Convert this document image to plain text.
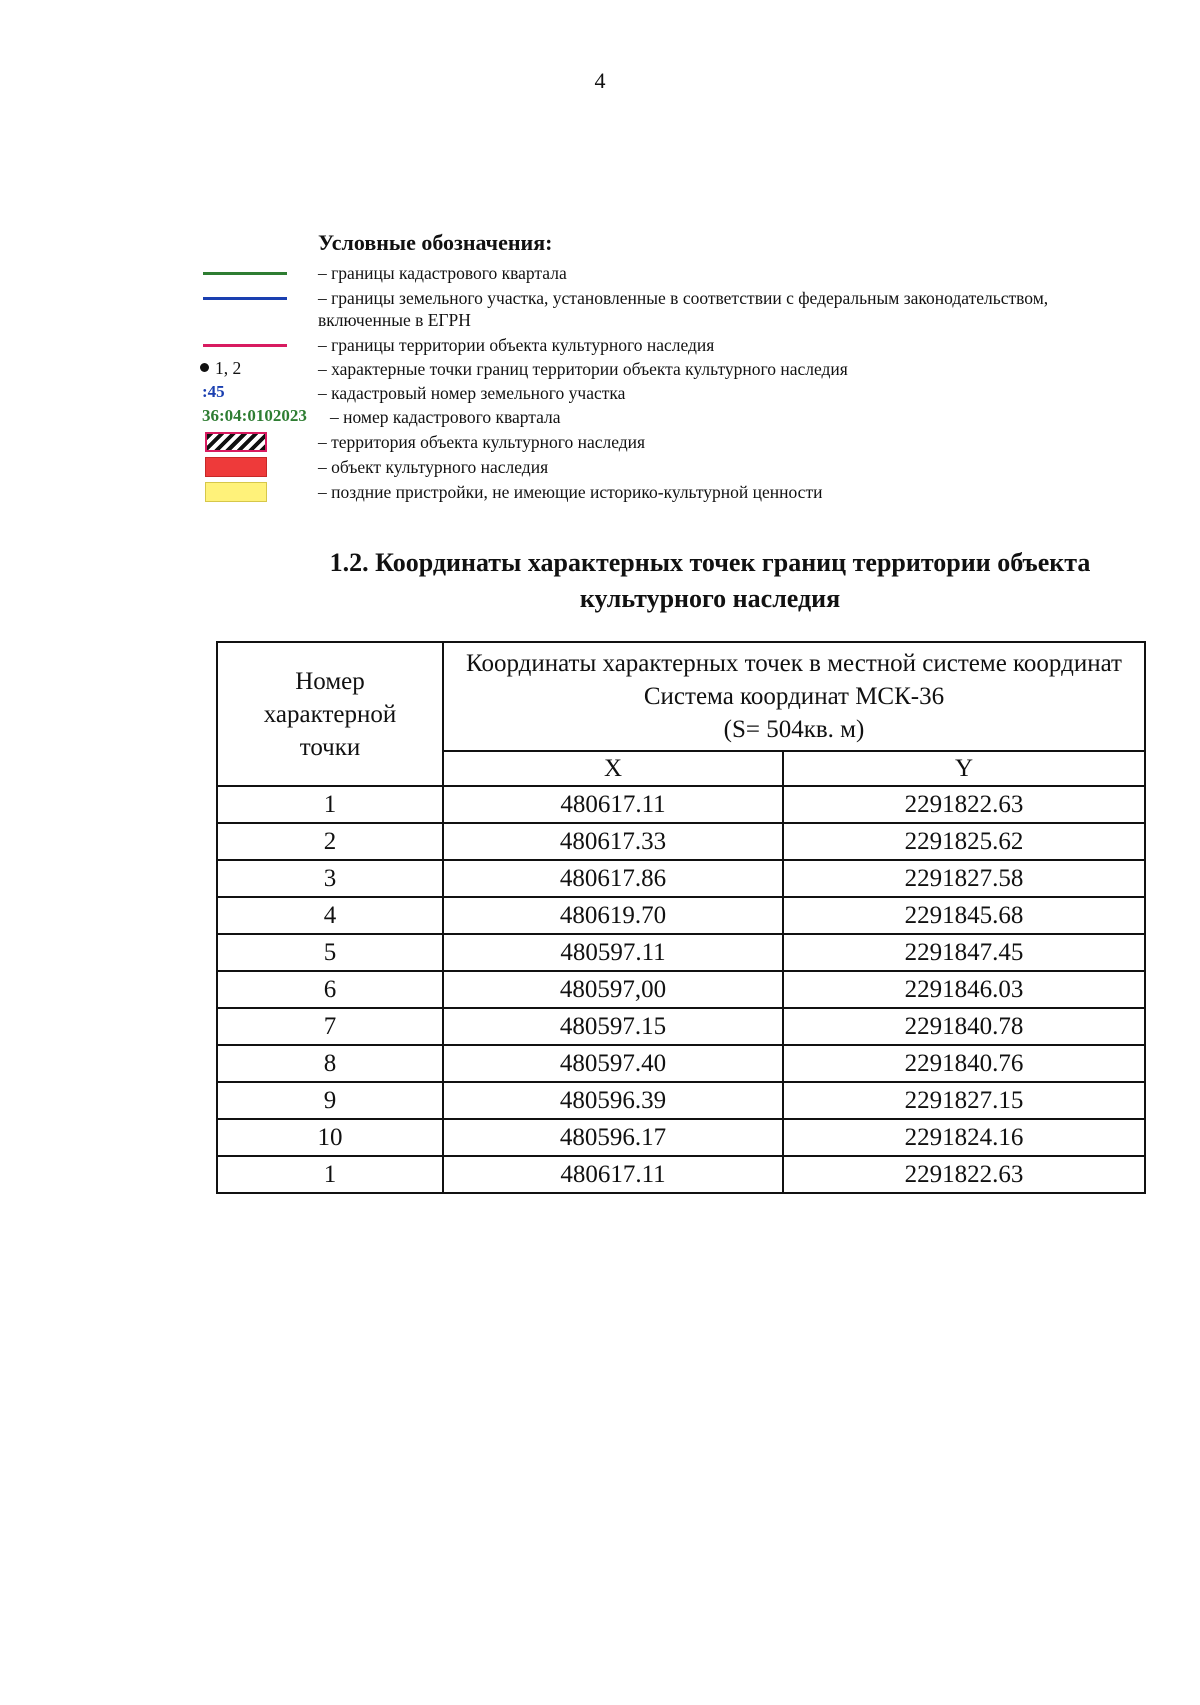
4
Условные обозначения:
– границы кадастрового квартала
– границы земельного участка, установленные в соответствии с федеральным законодательством, включенные в ЕГРН
– границы территории объекта культурного наследия
1, 2	– характерные точки границ территории объекта культурного наследия
:45	– кадастровый номер земельного участка
36:04:0102023 – номер кадастрового квартала
– территория объекта культурного наследия
– объект культурного наследия
– поздние пристройки, не имеющие историко-культурной ценности
1.2. Координаты характерных точек границ территории объекта культурного наследия
Номер характерной точки	Координаты характерных точек в местной системе координат
Система координат МСК-36
(S= 504кв. м)	

	X	Y
1	480617.11	2291822.63
2	480617.33	2291825.62
3	480617.86	2291827.58
4	480619.70	2291845.68
5	480597.11	2291847.45
6	480597,00	2291846.03
7	480597.15	2291840.78
8	480597.40	2291840.76
9	480596.39	2291827.15
10	480596.17	2291824.16
1	480617.11	2291822.63
